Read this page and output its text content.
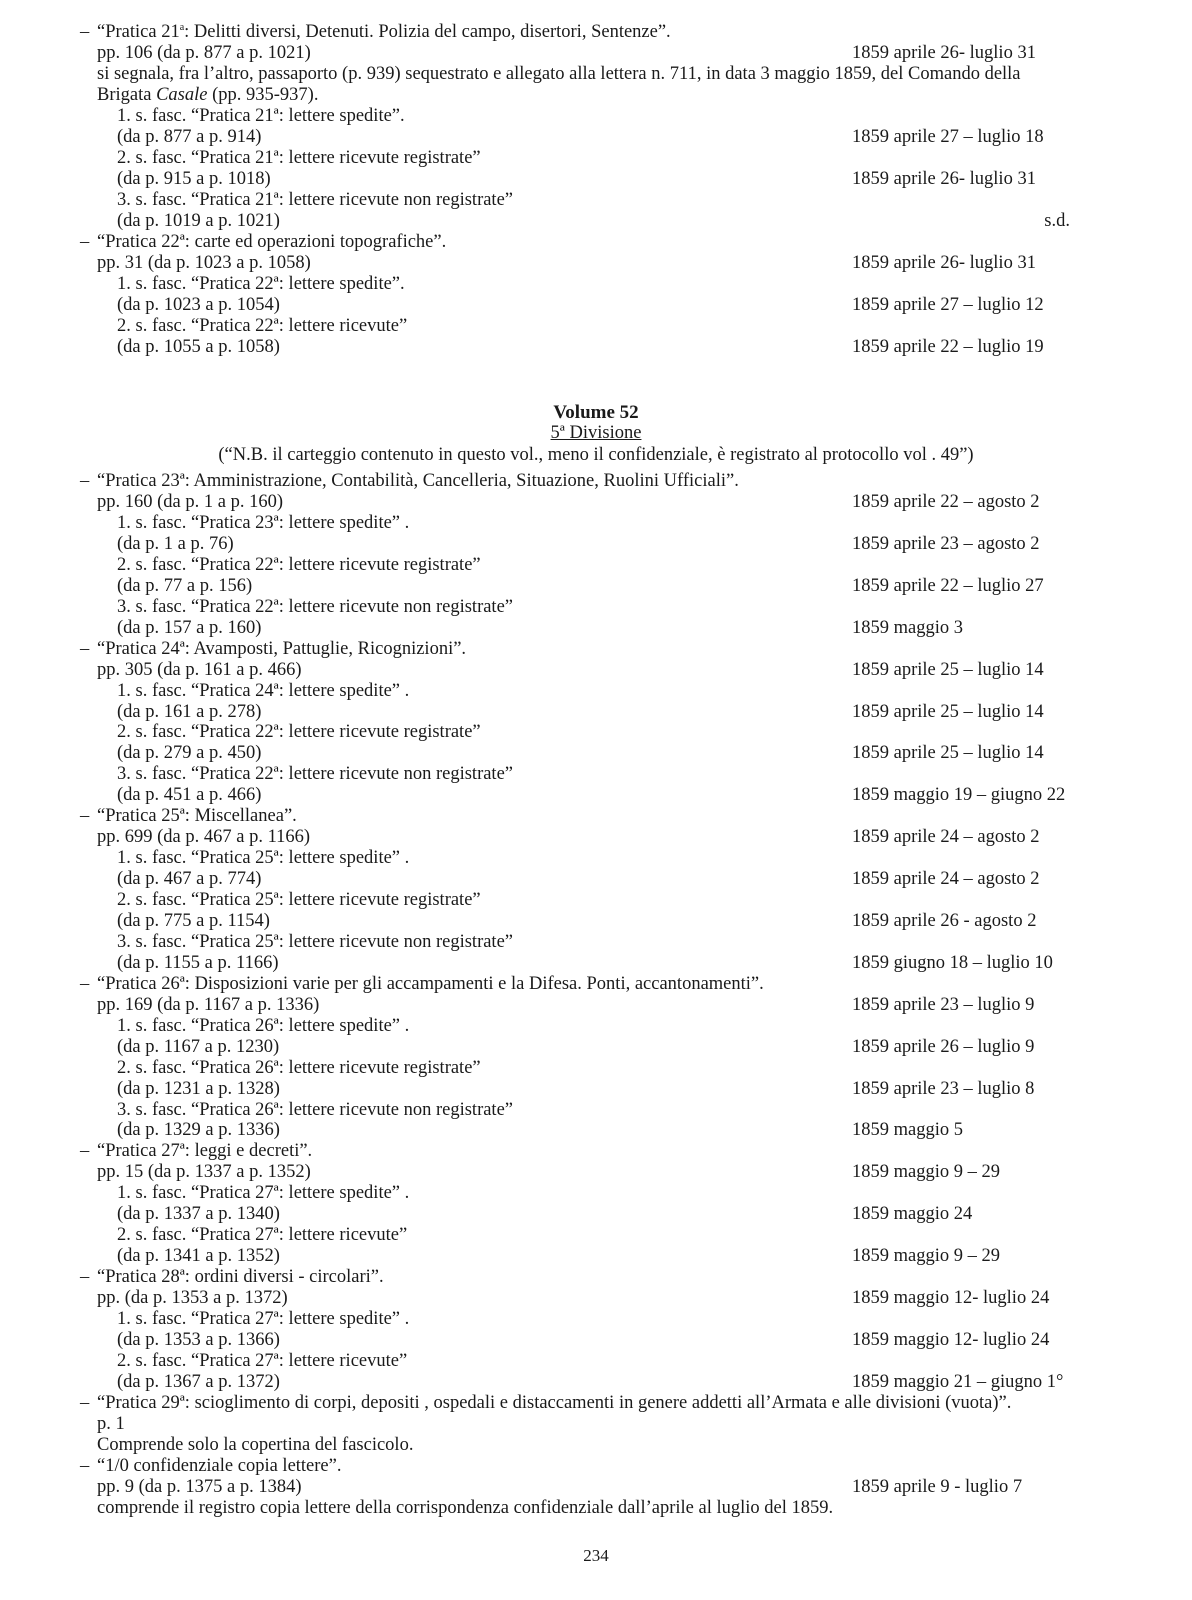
– “Pratica 21$^a$: Delitti diversi, Detenuti. Polizia del campo, disertori, Sentenze”.
pp. 106 (da p. 877 a p. 1021)	1859 aprile 26- luglio 31
si segnala, fra l’altro, passaporto (p. 939) sequestrato e allegato alla lettera n. 711, in data 3 maggio 1859, del Comando della
Brigata Casale (pp. 935-937).
1. s. fasc. “Pratica 21ª: lettere spedite”.
(da p. 877 a p. 914)	1859 aprile 27 – luglio 18
2. s. fasc. “Pratica 21ª: lettere ricevute registrate”
(da p. 915 a p. 1018)	1859 aprile 26- luglio 31
3. s. fasc. “Pratica 21ª: lettere ricevute non registrate”
(da p. 1019 a p. 1021)	s.d.
– “Pratica 22ª: carte ed operazioni topografiche”.
pp. 31 (da p. 1023 a p. 1058)	1859 aprile 26- luglio 31
1. s. fasc. “Pratica 22ª: lettere spedite”.
(da p. 1023 a p. 1054)	1859 aprile 27 – luglio 12
2. s. fasc. “Pratica 22ª: lettere ricevute”
(da p. 1055 a p. 1058)	1859 aprile 22 – luglio 19
Volume 52
5ª Divisione
(“N.B. il carteggio contenuto in questo vol., meno il confidenziale, è registrato al protocollo vol . 49”)
– “Pratica 23ª: Amministrazione, Contabilità, Cancelleria, Situazione, Ruolini Ufficiali”.
pp. 160 (da p. 1 a p. 160)	1859 aprile 22 – agosto 2
1. s. fasc. “Pratica 23ª: lettere spedite” .
(da p. 1 a p. 76)	1859 aprile 23 – agosto 2
2. s. fasc. “Pratica 22ª: lettere ricevute registrate”
(da p. 77 a p. 156)	1859 aprile 22 – luglio 27
3. s. fasc. “Pratica 22ª: lettere ricevute non registrate”
(da p. 157 a p. 160)	1859 maggio 3
– “Pratica 24ª: Avamposti, Pattuglie, Ricognizioni”.
pp. 305 (da p. 161 a p. 466)	1859 aprile 25 – luglio 14
1. s. fasc. “Pratica 24ª: lettere spedite” .
(da p. 161 a p. 278)	1859 aprile 25 – luglio 14
2. s. fasc. “Pratica 22ª: lettere ricevute registrate”
(da p. 279 a p. 450)	1859 aprile 25 – luglio 14
3. s. fasc. “Pratica 22ª: lettere ricevute non registrate”
(da p. 451 a p. 466)	1859 maggio 19 – giugno 22
– “Pratica 25ª: Miscellanea”.
pp. 699 (da p. 467 a p. 1166)	1859 aprile 24 – agosto 2
1. s. fasc. “Pratica 25ª: lettere spedite” .
(da p. 467 a p. 774)	1859 aprile 24 – agosto 2
2. s. fasc. “Pratica 25ª: lettere ricevute registrate”
(da p. 775 a p. 1154)	1859 aprile 26 - agosto 2
3. s. fasc. “Pratica 25ª: lettere ricevute non registrate”
(da p. 1155 a p. 1166)	1859 giugno 18 – luglio 10
– “Pratica 26ª: Disposizioni varie per gli accampamenti e la Difesa. Ponti, accantonamenti”.
pp. 169 (da p. 1167 a p. 1336)	1859 aprile 23 – luglio 9
1. s. fasc. “Pratica 26ª: lettere spedite” .
(da p. 1167 a p. 1230)	1859 aprile 26 – luglio 9
2. s. fasc. “Pratica 26ª: lettere ricevute registrate”
(da p. 1231 a p. 1328)	1859 aprile 23 – luglio 8
3. s. fasc. “Pratica 26ª: lettere ricevute non registrate”
(da p. 1329 a p. 1336)	1859 maggio 5
– “Pratica 27ª: leggi e decreti”.
pp. 15 (da p. 1337 a p. 1352)	1859 maggio 9 – 29
1. s. fasc. “Pratica 27ª: lettere spedite” .
(da p. 1337 a p. 1340)	1859 maggio 24
2. s. fasc. “Pratica 27ª: lettere ricevute”
(da p. 1341 a p. 1352)	1859 maggio 9 – 29
– “Pratica 28ª: ordini diversi - circolari”.
pp. (da p. 1353 a p. 1372)	1859 maggio 12- luglio 24
1. s. fasc. “Pratica 27ª: lettere spedite” .
(da p. 1353 a p. 1366)	1859 maggio 12- luglio 24
2. s. fasc. “Pratica 27ª: lettere ricevute”
(da p. 1367 a p. 1372)	1859 maggio 21 – giugno 1°
– “Pratica 29ª: scioglimento di corpi, depositi , ospedali e distaccamenti in genere addetti all’Armata e alle divisioni (vuota)”.
p. 1
Comprende solo la copertina del fascicolo.
– “1/0 confidenziale copia lettere”.
pp. 9 (da p. 1375 a p. 1384)	1859 aprile 9 - luglio 7
comprende il registro copia lettere della corrispondenza confidenziale dall’aprile al luglio del 1859.
234
